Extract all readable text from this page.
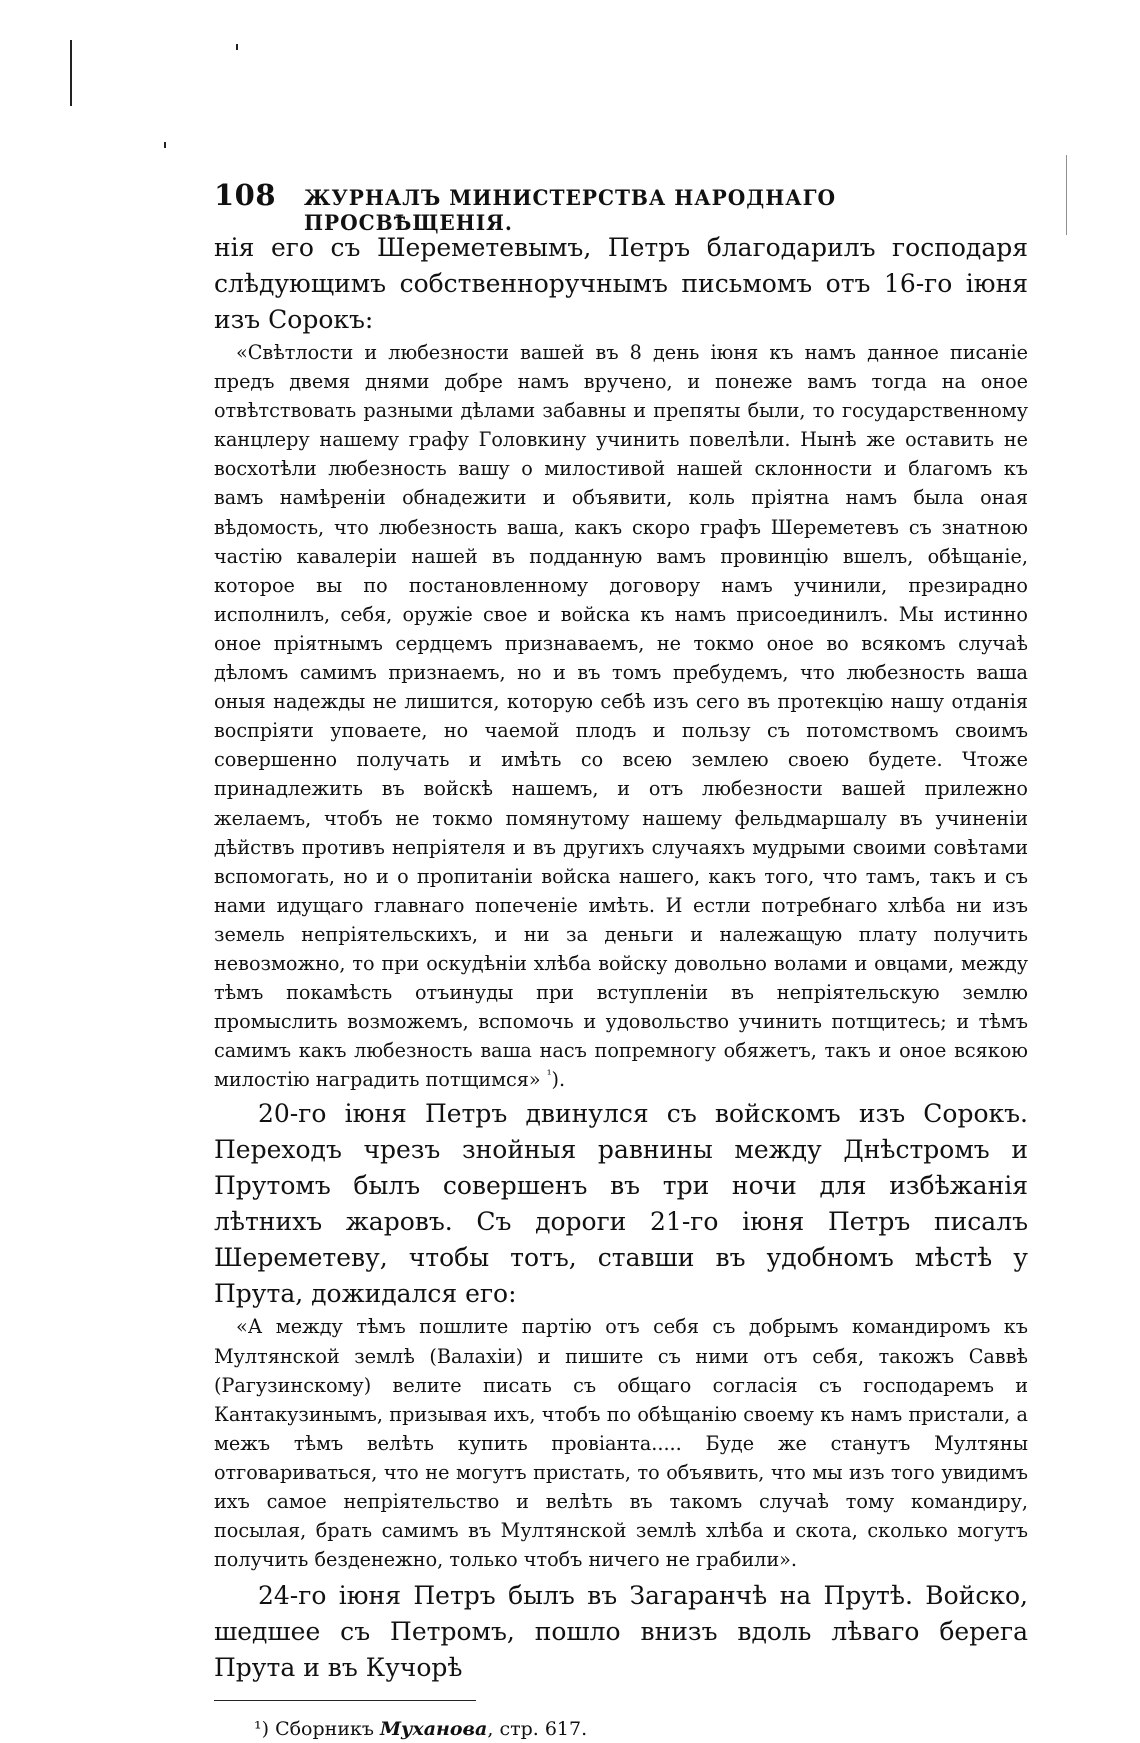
108 ЖУРНАЛЪ МИНИСТЕРСТВА НАРОДНАГО ПРОСВѢЩЕНІЯ.

нія его съ Шереметевымъ, Петръ благодарилъ господаря слѣдующимъ собственноручнымъ письмомъ отъ 16-го іюня изъ Сорокъ:

«Свѣтлости и любезности вашей въ 8 день іюня къ намъ данное писаніе предъ двемя днями добре намъ вручено, и понеже вамъ тогда на оное отвѣтствовать разными дѣлами забавны и препяты были, то государственному канцлеру нашему графу Головкину учинить повелѣли. Нынѣ же оставить не восхотѣли любезность вашу о милостивой нашей склонности и благомъ къ вамъ намѣреніи обнадежити и объявити, коль пріятна намъ была оная вѣдомость, что любезность ваша, какъ скоро графъ Шереметевъ съ знатною частію кавалеріи нашей въ подданную вамъ провинцію вшелъ, обѣщаніе, котороe вы по постановленному договору намъ учинили, презирадно исполнилъ, себя, оружіе свое и войска къ намъ присоединилъ. Мы истинно оное пріятнымъ сердцемъ признаваемъ, не токмо оное во всякомъ случаѣ дѣломъ самимъ признаемъ, но и въ томъ пребудемъ, что любезность ваша оныя надежды не лишится, которую себѣ изъ сего въ протекцію нашу отданія воспріяти уповаете, но чаемой плодъ и пользу съ потомствомъ своимъ совершенно получать и имѣть со всею землею своею будете. Чтоже принадлежить въ войскѣ нашемъ, и отъ любезности вашей прилежно желаемъ, чтобъ не токмо помянутому нашему фельдмаршалу въ учиненіи дѣйствъ противъ непріятеля и въ другихъ случаяхъ мудрыми своими совѣтами вспомогать, но и о пропитаніи войска нашего, какъ того, что тамъ, такъ и съ нами идущаго главнаго попеченіе имѣть. И естли потребнаго хлѣба ни изъ земель непріятельскихъ, и ни за деньги и належащую плату получить невозможно, то при оскудѣніи хлѣба войску довольно волами и овцами, между тѣмъ покамѣсть отъинуды при вступленіи въ непріятельскую землю промыслить возможемъ, вспомочь и удовольство учинить потщитесь; и тѣмъ самимъ какъ любезность ваша насъ попремногу обяжетъ, такъ и оное всякою милостію наградить потщимся» $^{^1}$).

20-го іюня Петръ двинулся съ войскомъ изъ Сорокъ. Переходъ чрезъ знойныя равнины между Днѣстромъ и Прутомъ былъ совершенъ въ три ночи для избѣжанія лѣтнихъ жаровъ. Съ дороги 21-го іюня Петръ писалъ Шереметеву, чтобы тотъ, ставши въ удобномъ мѣстѣ у Прута, дожидался его:

«А между тѣмъ пошлите партію отъ себя съ добрымъ командиромъ къ Мултянской землѣ (Валахіи) и пишите съ ними отъ себя, такожъ Саввѣ (Рагузинскому) велите писать съ общаго согласія съ господаремъ и Кантакузинымъ, призывая ихъ, чтобъ по обѣщанію своему къ намъ пристали, а межъ тѣмъ велѣть купить провіанта..... Буде же станутъ Мултяны отговариваться, что не могутъ пристать, то объявить, что мы изъ того увидимъ ихъ самое непріятельство и велѣть въ такомъ случаѣ тому командиру, посылая, брать самимъ въ Мултянской землѣ хлѣба и скота, сколько могутъ получить безденежно, только чтобъ ничего не грабили».

24-го іюня Петръ былъ въ Загаранчѣ на Прутѣ. Войско, шедшее съ Петромъ, пошло внизъ вдоль лѣваго берега Прута и въ Кучорѣ

¹) Сборникъ Муханова, стр. 617.
